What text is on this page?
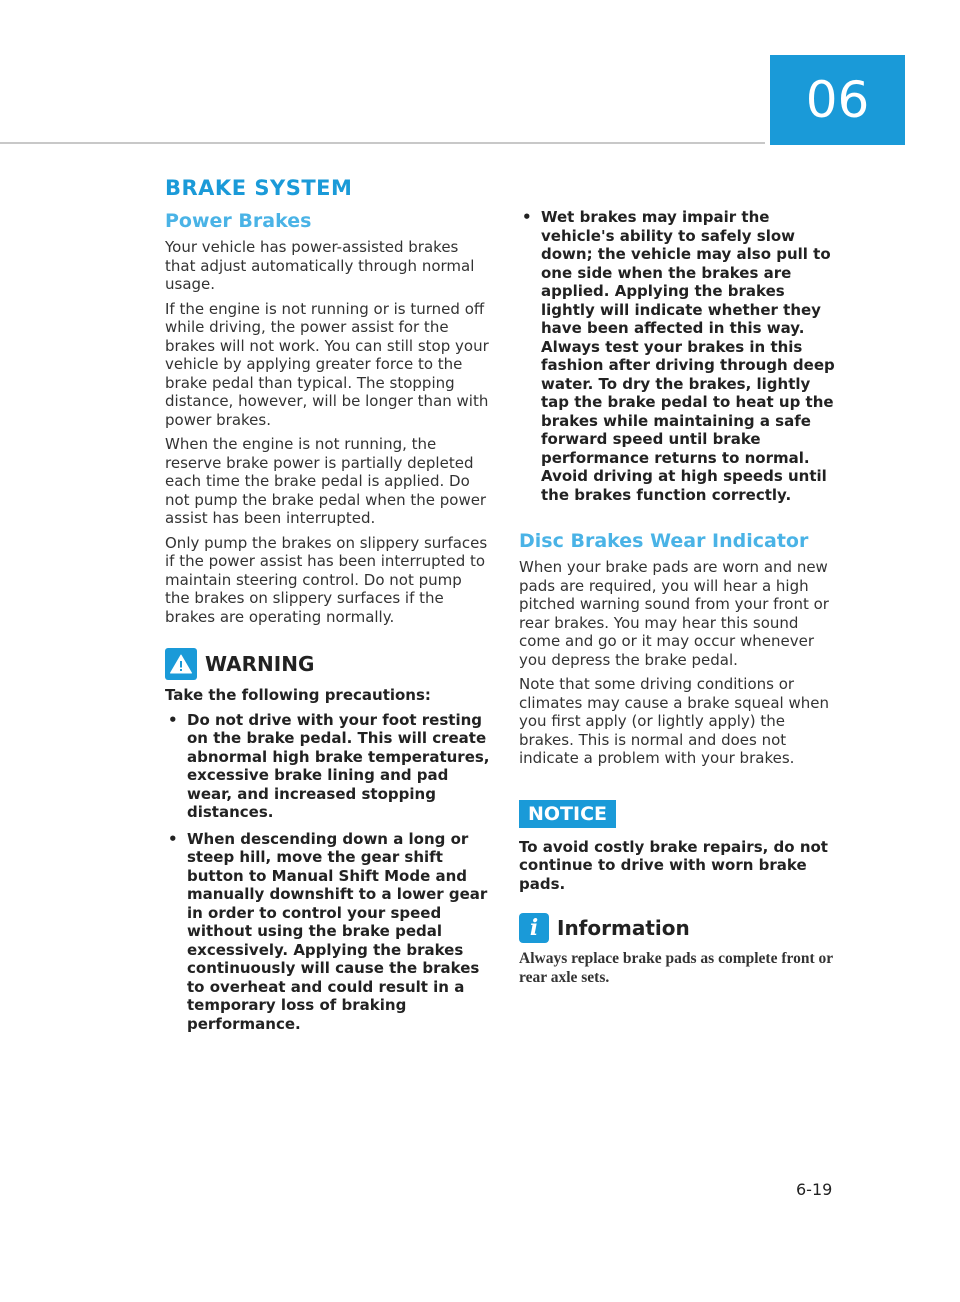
06
BRAKE SYSTEM
Power Brakes

Your vehicle has power-assisted brakes that adjust automatically through normal usage.

If the engine is not running or is turned off while driving, the power assist for the brakes will not work. You can still stop your vehicle by applying greater force to the brake pedal than typical. The stopping distance, however, will be longer than with power brakes.

When the engine is not running, the reserve brake power is partially depleted each time the brake pedal is applied. Do not pump the brake pedal when the power assist has been interrupted.

Only pump the brakes on slippery surfaces if the power assist has been interrupted to maintain steering control. Do not pump the brakes on slippery surfaces if the brakes are operating normally.

WARNING

Take the following precautions:

• Do not drive with your foot resting on the brake pedal. This will create abnormal high brake temperatures, excessive brake lining and pad wear, and increased stopping distances.
• When descending down a long or steep hill, move the gear shift button to Manual Shift Mode and manually downshift to a lower gear in order to control your speed without using the brake pedal excessively. Applying the brakes continuously will cause the brakes to overheat and could result in a temporary loss of braking performance.
• Wet brakes may impair the vehicle's ability to safely slow down; the vehicle may also pull to one side when the brakes are applied. Applying the brakes lightly will indicate whether they have been affected in this way. Always test your brakes in this fashion after driving through deep water. To dry the brakes, lightly tap the brake pedal to heat up the brakes while maintaining a safe forward speed until brake performance returns to normal. Avoid driving at high speeds until the brakes function correctly.
Disc Brakes Wear Indicator

When your brake pads are worn and new pads are required, you will hear a high pitched warning sound from your front or rear brakes. You may hear this sound come and go or it may occur whenever you depress the brake pedal.

Note that some driving conditions or climates may cause a brake squeal when you first apply (or lightly apply) the brakes. This is normal and does not indicate a problem with your brakes.

NOTICE

To avoid costly brake repairs, do not continue to drive with worn brake pads.

i Information

Always replace brake pads as complete front or rear axle sets.

6-19
